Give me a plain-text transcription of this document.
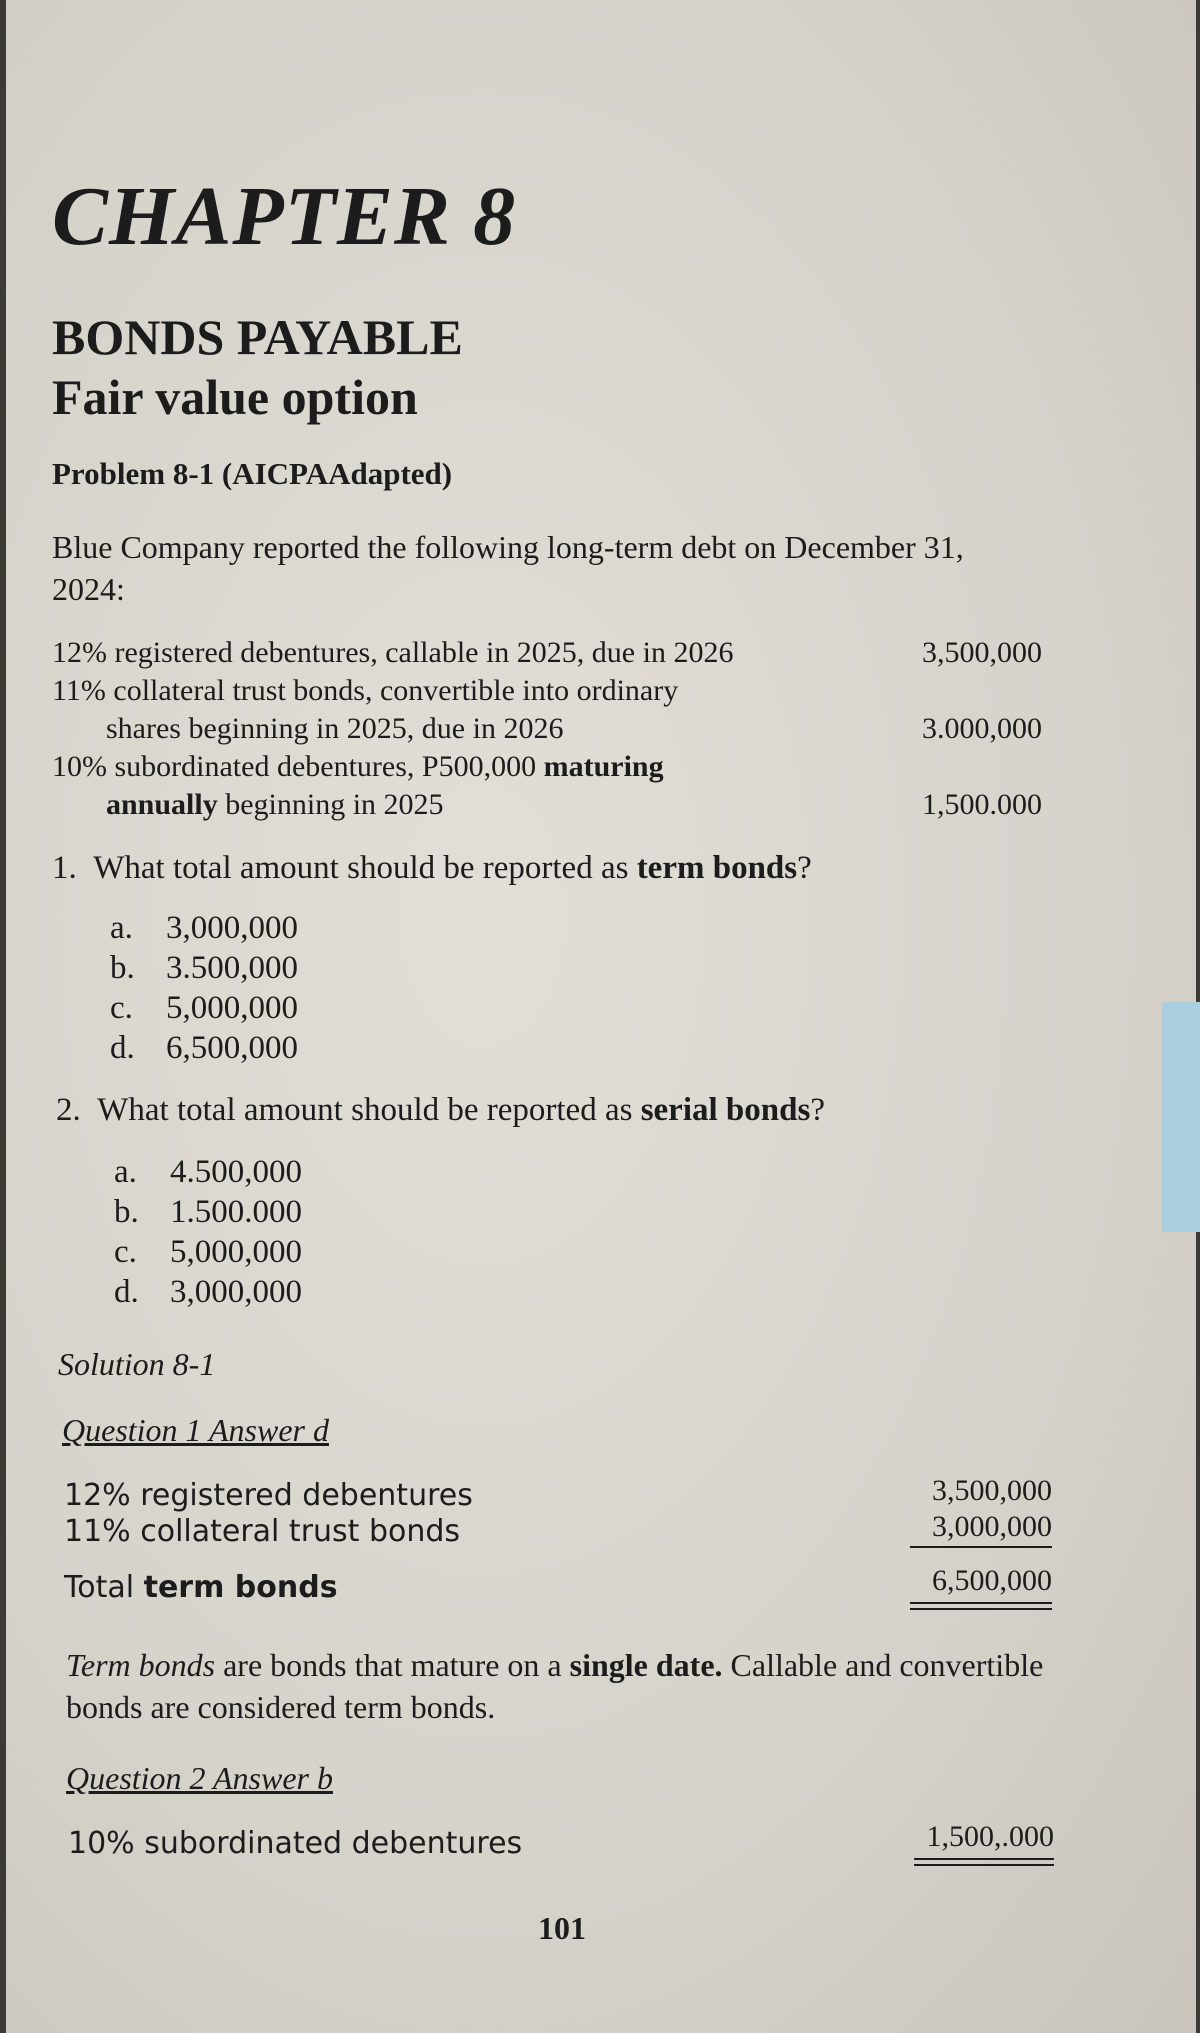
CHAPTER 8
BONDS PAYABLE
Fair value option
Problem 8-1 (AICPAAdapted)
Blue Company reported the following long-term debt on December 31, 2024:
12% registered debentures, callable in 2025, due in 2026	3,500,000
11% collateral trust bonds, convertible into ordinary
shares beginning in 2025, due in 2026	3.000,000
10% subordinated debentures, P500,000 maturing
annually beginning in 2025	1,500.000
1. What total amount should be reported as term bonds?
a. 3,000,000
b. 3.500,000
c. 5,000,000
d. 6,500,000
2. What total amount should be reported as serial bonds?
a. 4.500,000
b. 1.500.000
c. 5,000,000
d. 3,000,000
Solution 8-1
Question 1 Answer d
12% registered debentures	3,500,000
11% collateral trust bonds	3,000,000
Total term bonds	6,500,000
Term bonds are bonds that mature on a single date. Callable and convertible bonds are considered term bonds.
Question 2 Answer b
10% subordinated debentures	1,500,.000
101
